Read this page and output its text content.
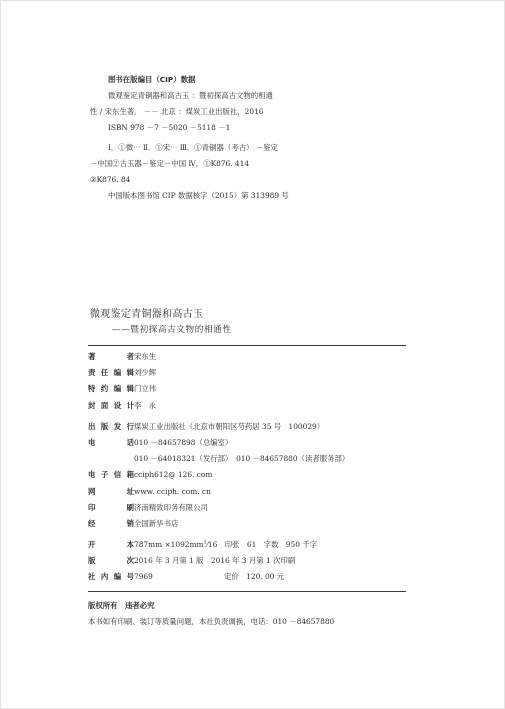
图书在版编目（CIP）数据
微观鉴定青铜器和高古玉 ：暨初探高古文物的相通
性 / 宋东生著． －－ 北京 ：煤炭工业出版社，2016
ISBN 978 －7 －5020 －5118 －1
Ⅰ．①微⋯ Ⅱ．①宋⋯ Ⅲ．①青铜器（考古） －鉴定
－中国②古玉器－鉴定－中国 Ⅳ．①K876. 414
②K876. 84
中国版本图书馆 CIP 数据核字（2015）第 313989 号
微观鉴定青铜器和高古玉
——暨初探高古文物的相通性
著　　者 宋东生
责任编辑 刘少辉
特约编辑 门立伟
封面设计 李　永
出版发行 煤炭工业出版社（北京市朝阳区芍药居 35 号　100029）
电　　话 010 －84657898（总编室）
010 －64018321（发行部）　010 －84657880（读者服务部）
电子信箱 cciph612@ 126. com
网　　址 www. cciph. com. cn
印　　刷 济南精致印务有限公司
经　　销 全国新华书店
开　　本 $787mm \times 1092mm^1⁄16$　印张　61　字数　950 千字
版　　次 2016 年 3 月第 1 版　2016 年 3 月第 1 次印刷
社内编号 7969	定价　120. 00 元
版权所有　违者必究
本书如有印刷、装订等质量问题，本社负责调换，电话：010 －84657880
